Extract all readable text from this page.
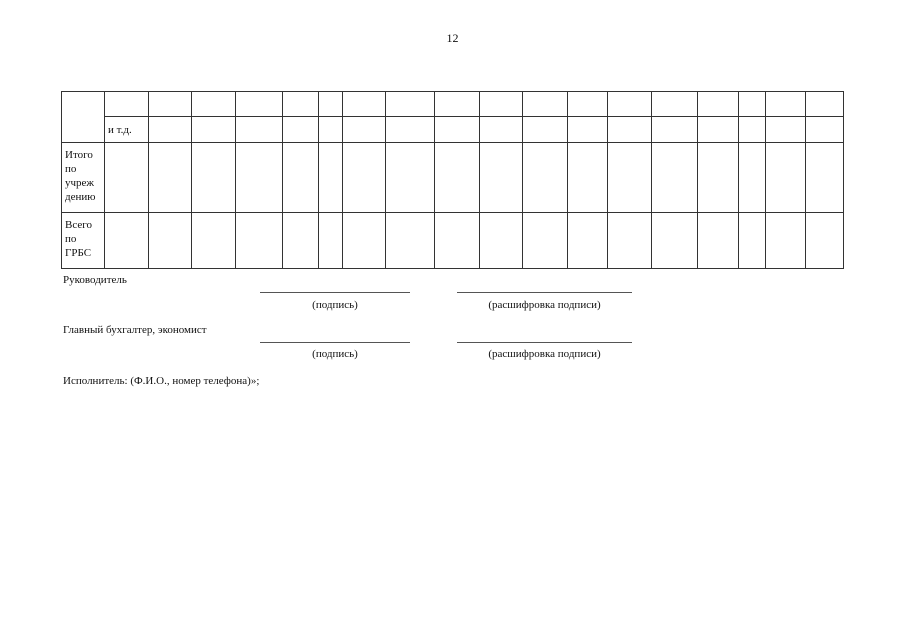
12

	и т.д.																	
Итого по учреж дению																		
Всего по ГРБС																		
Руководитель
(подпись)	(расшифровка подписи)
Главный бухгалтер, экономист
(подпись)	(расшифровка подписи)
Исполнитель: (Ф.И.О., номер телефона)»;
